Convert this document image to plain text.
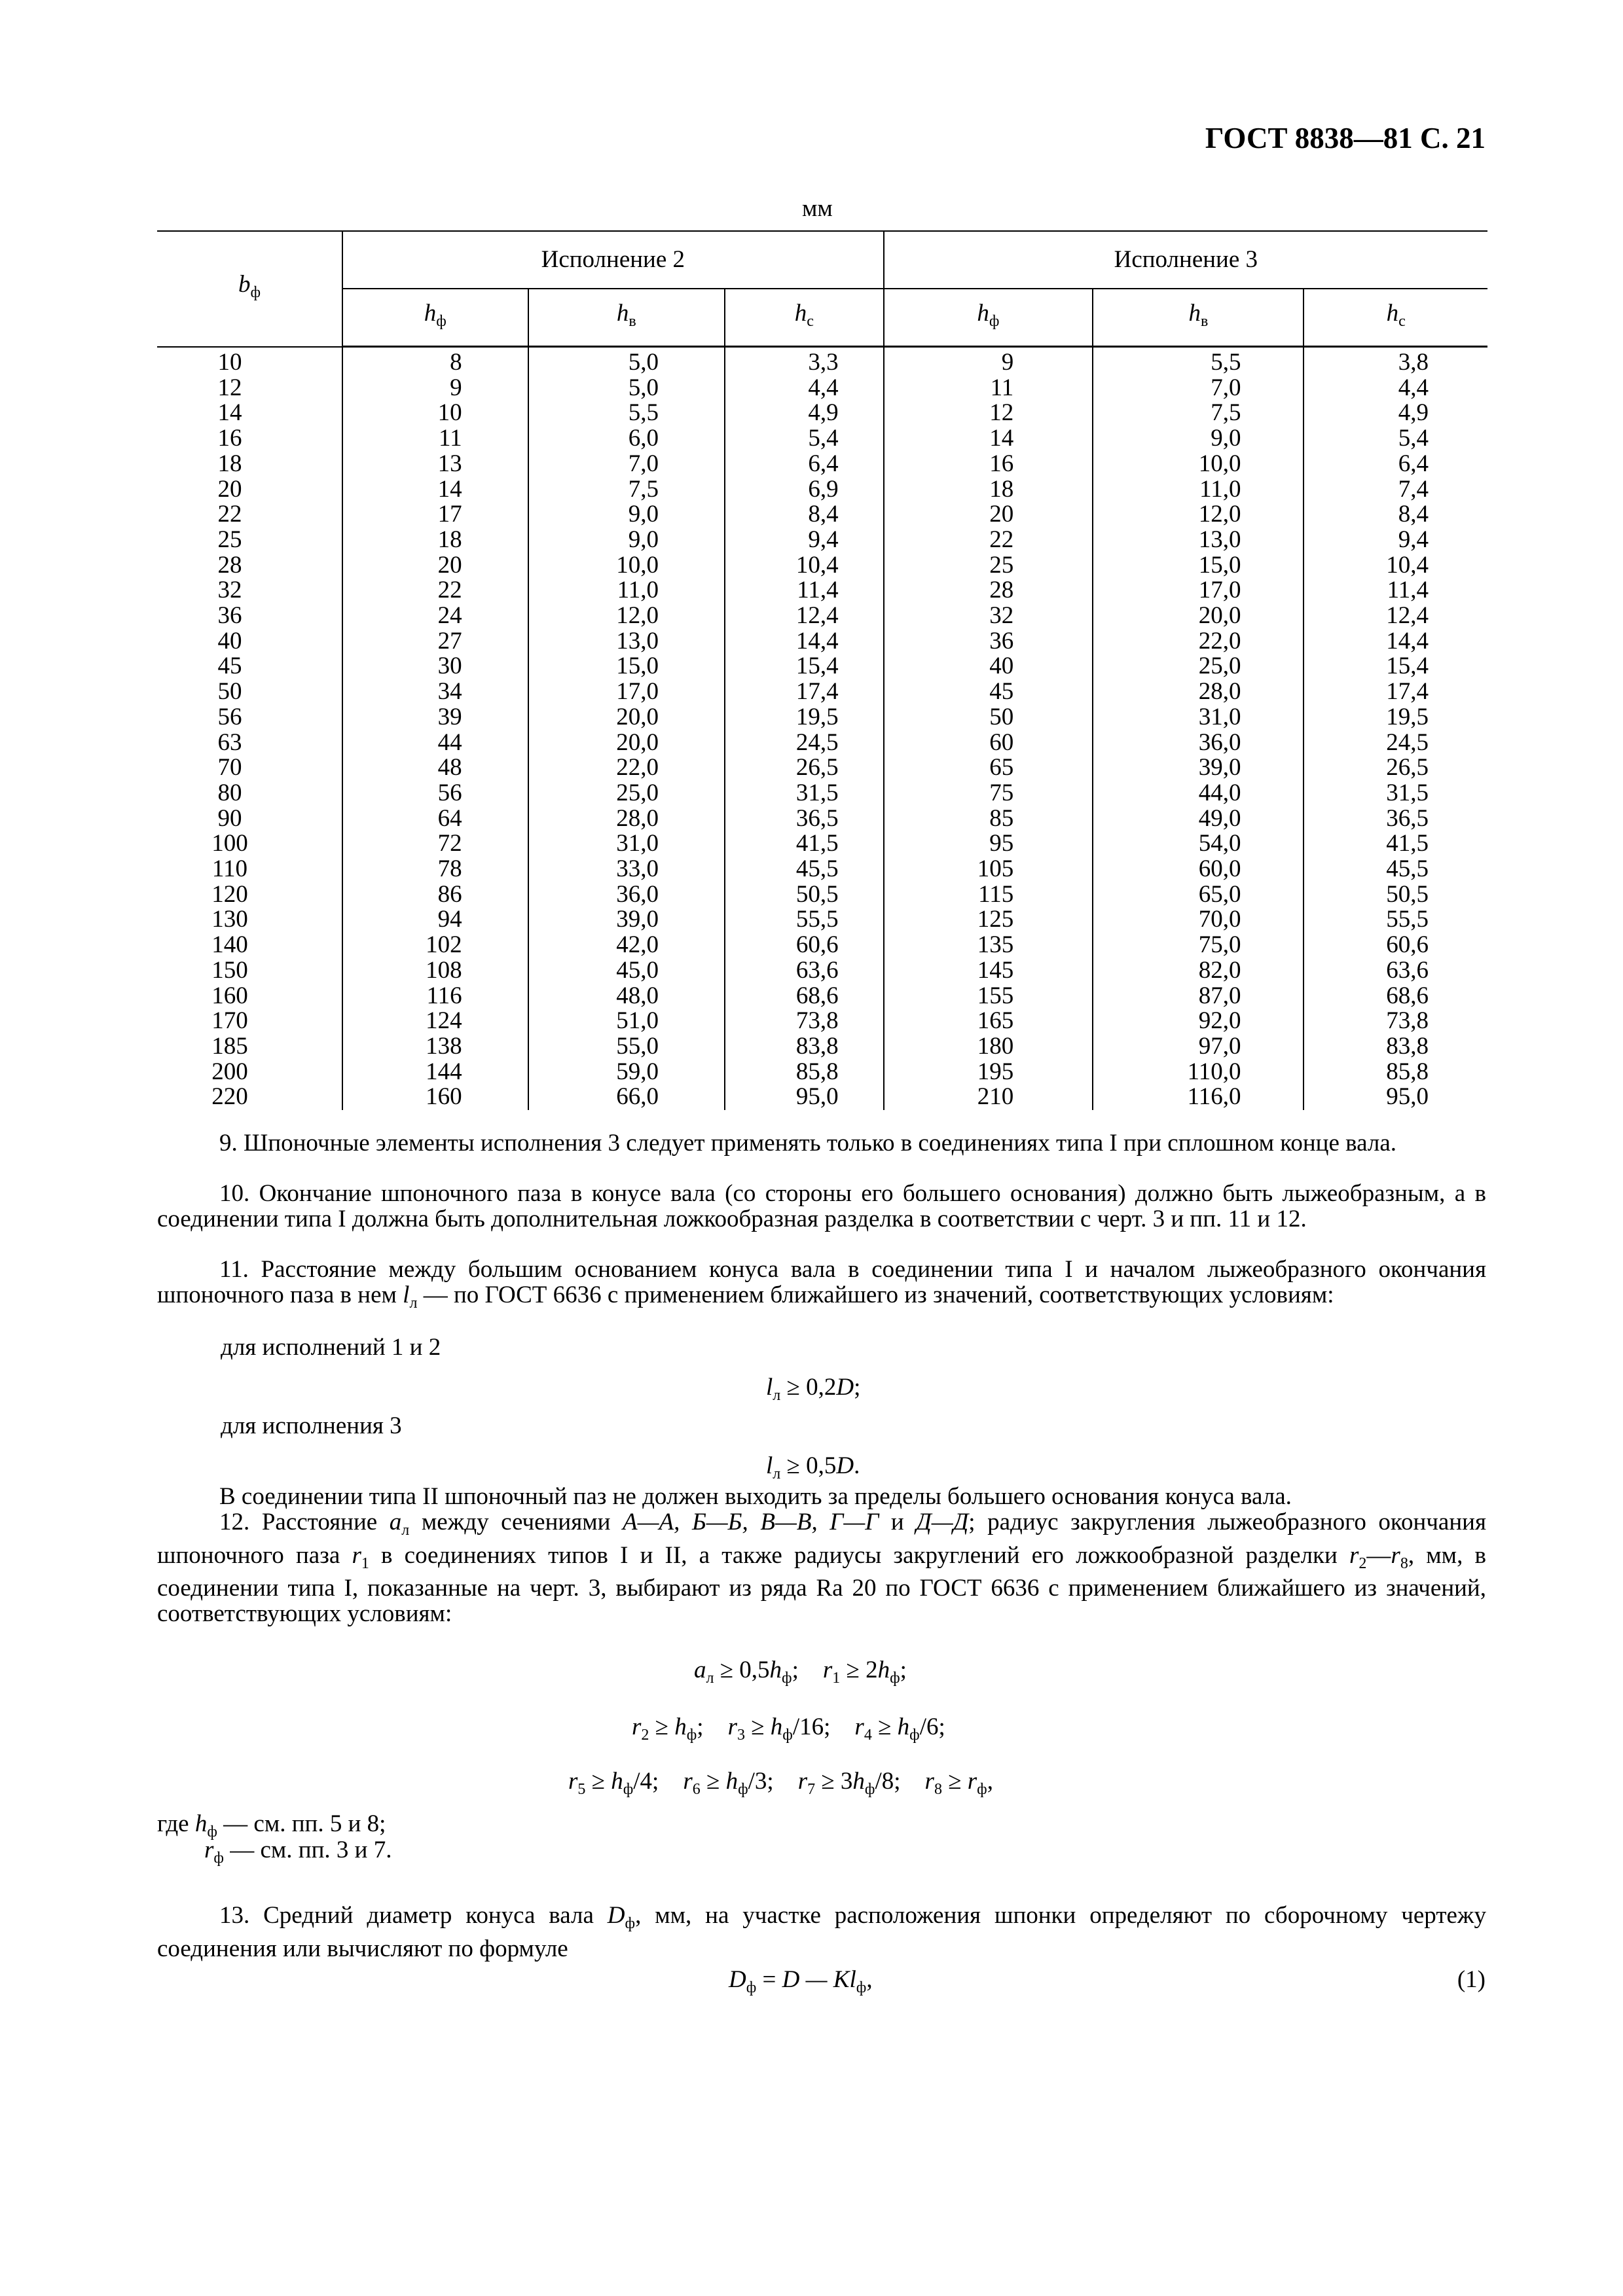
ГОСТ 8838—81 С. 21
мм
$b_ф$	Исполнение 2			Исполнение 3		
	$h_ф$	$h_в$	$h_с$	$h_ф$	$h_в$	$h_с$
10	8	5,0	3,3	9	5,5	3,8
12	9	5,0	4,4	11	7,0	4,4
14	10	5,5	4,9	12	7,5	4,9
16	11	6,0	5,4	14	9,0	5,4
18	13	7,0	6,4	16	10,0	6,4
20	14	7,5	6,9	18	11,0	7,4
22	17	9,0	8,4	20	12,0	8,4
25	18	9,0	9,4	22	13,0	9,4
28	20	10,0	10,4	25	15,0	10,4
32	22	11,0	11,4	28	17,0	11,4
36	24	12,0	12,4	32	20,0	12,4
40	27	13,0	14,4	36	22,0	14,4
45	30	15,0	15,4	40	25,0	15,4
50	34	17,0	17,4	45	28,0	17,4
56	39	20,0	19,5	50	31,0	19,5
63	44	20,0	24,5	60	36,0	24,5
70	48	22,0	26,5	65	39,0	26,5
80	56	25,0	31,5	75	44,0	31,5
90	64	28,0	36,5	85	49,0	36,5
100	72	31,0	41,5	95	54,0	41,5
110	78	33,0	45,5	105	60,0	45,5
120	86	36,0	50,5	115	65,0	50,5
130	94	39,0	55,5	125	70,0	55,5
140	102	42,0	60,6	135	75,0	60,6
150	108	45,0	63,6	145	82,0	63,6
160	116	48,0	68,6	155	87,0	68,6
170	124	51,0	73,8	165	92,0	73,8
185	138	55,0	83,8	180	97,0	83,8
200	144	59,0	85,8	195	110,0	85,8
220	160	66,0	95,0	210	116,0	95,0
9. Шпоночные элементы исполнения 3 следует применять только в соединениях типа I при сплошном конце вала.
10. Окончание шпоночного паза в конусе вала (со стороны его большего основания) должно быть лыжеобразным, а в соединении типа I должна быть дополнительная ложкообразная разделка в соответствии с черт. 3 и пп. 11 и 12.
11. Расстояние между большим основанием конуса вала в соединении типа I и началом лыжеобразного окончания шпоночного паза в нем $l_л$ — по ГОСТ 6636 с применением ближайшего из значений, соответствующих условиям:
для исполнений 1 и 2
$l_л \ge 0,2D$;
для исполнения 3
$l_л \ge 0,5D$.
В соединении типа II шпоночный паз не должен выходить за пределы большего основания конуса вала.
12. Расстояние $a_л$ между сечениями А—А, Б—Б, В—В, Г—Г и Д—Д; радиус закругления лыжеобразного окончания шпоночного паза $r_1$ в соединениях типов I и II, а также радиусы закруглений его ложкообразной разделки $r_2—r_8$, мм, в соединении типа I, показанные на черт. 3, выбирают из ряда Ra 20 по ГОСТ 6636 с применением ближайшего из значений, соответствующих условиям:
$a_л \ge 0,5h_ф$;    $r_1 \ge 2h_ф$;
$r_2 \ge h_ф$;    $r_3 \ge h_ф/16$;    $r_4 \ge h_ф/6$;
$r_5 \ge h_ф/4$;    $r_6 \ge h_ф/3$;    $r_7 \ge 3h_ф/8$;    $r_8 \ge r_ф$,
где $h_ф$ — см. пп. 5 и 8;
$r_ф$ — см. пп. 3 и 7.
13. Средний диаметр конуса вала $D_ф$, мм, на участке расположения шпонки определяют по сборочному чертежу соединения или вычисляют по формуле
$D_ф = D$ — $Kl_ф$,	(1)
